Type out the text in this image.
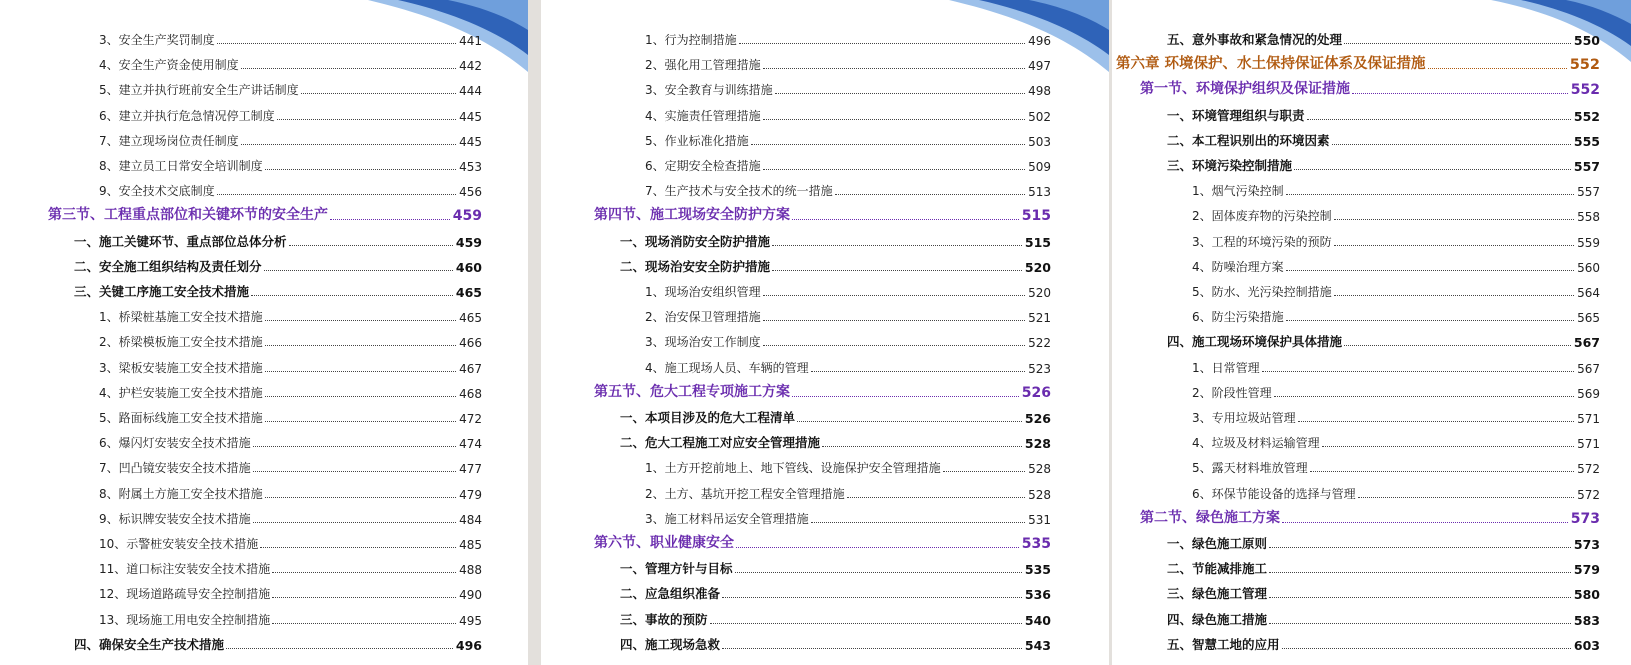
3、安全生产奖罚制度	441
4、安全生产资金使用制度	442
5、建立并执行班前安全生产讲话制度	444
6、建立并执行危急情况停工制度	445
7、建立现场岗位责任制度	445
8、建立员工日常安全培训制度	453
9、安全技术交底制度	456
第三节、工程重点部位和关键环节的安全生产	459
一、施工关键环节、重点部位总体分析	459
二、安全施工组织结构及责任划分	460
三、关键工序施工安全技术措施	465
1、桥梁桩基施工安全技术措施	465
2、桥梁模板施工安全技术措施	466
3、梁板安装施工安全技术措施	467
4、护栏安装施工安全技术措施	468
5、路面标线施工安全技术措施	472
6、爆闪灯安装安全技术措施	474
7、凹凸镜安装安全技术措施	477
8、附属土方施工安全技术措施	479
9、标识牌安装安全技术措施	484
10、示警桩安装安全技术措施	485
11、道口标注安装安全技术措施	488
12、现场道路疏导安全控制措施	490
13、现场施工用电安全控制措施	495
四、确保安全生产技术措施	496
1、行为控制措施	496
2、强化用工管理措施	497
3、安全教育与训练措施	498
4、实施责任管理措施	502
5、作业标准化措施	503
6、定期安全检查措施	509
7、生产技术与安全技术的统一措施	513
第四节、施工现场安全防护方案	515
一、现场消防安全防护措施	515
二、现场治安安全防护措施	520
1、现场治安组织管理	520
2、治安保卫管理措施	521
3、现场治安工作制度	522
4、施工现场人员、车辆的管理	523
第五节、危大工程专项施工方案	526
一、本项目涉及的危大工程清单	526
二、危大工程施工对应安全管理措施	528
1、土方开挖前地上、地下管线、设施保护安全管理措施	528
2、土方、基坑开挖工程安全管理措施	528
3、施工材料吊运安全管理措施	531
第六节、职业健康安全	535
一、管理方针与目标	535
二、应急组织准备	536
三、事故的预防	540
四、施工现场急救	543
五、意外事故和紧急情况的处理	550
第六章 环境保护、水土保持保证体系及保证措施	552
第一节、环境保护组织及保证措施	552
一、环境管理组织与职责	552
二、本工程识别出的环境因素	555
三、环境污染控制措施	557
1、烟气污染控制	557
2、固体废弃物的污染控制	558
3、工程的环境污染的预防	559
4、防噪治理方案	560
5、防水、光污染控制措施	564
6、防尘污染措施	565
四、施工现场环境保护具体措施	567
1、日常管理	567
2、阶段性管理	569
3、专用垃圾站管理	571
4、垃圾及材料运输管理	571
5、露天材料堆放管理	572
6、环保节能设备的选择与管理	572
第二节、绿色施工方案	573
一、绿色施工原则	573
二、节能减排施工	579
三、绿色施工管理	580
四、绿色施工措施	583
五、智慧工地的应用	603
